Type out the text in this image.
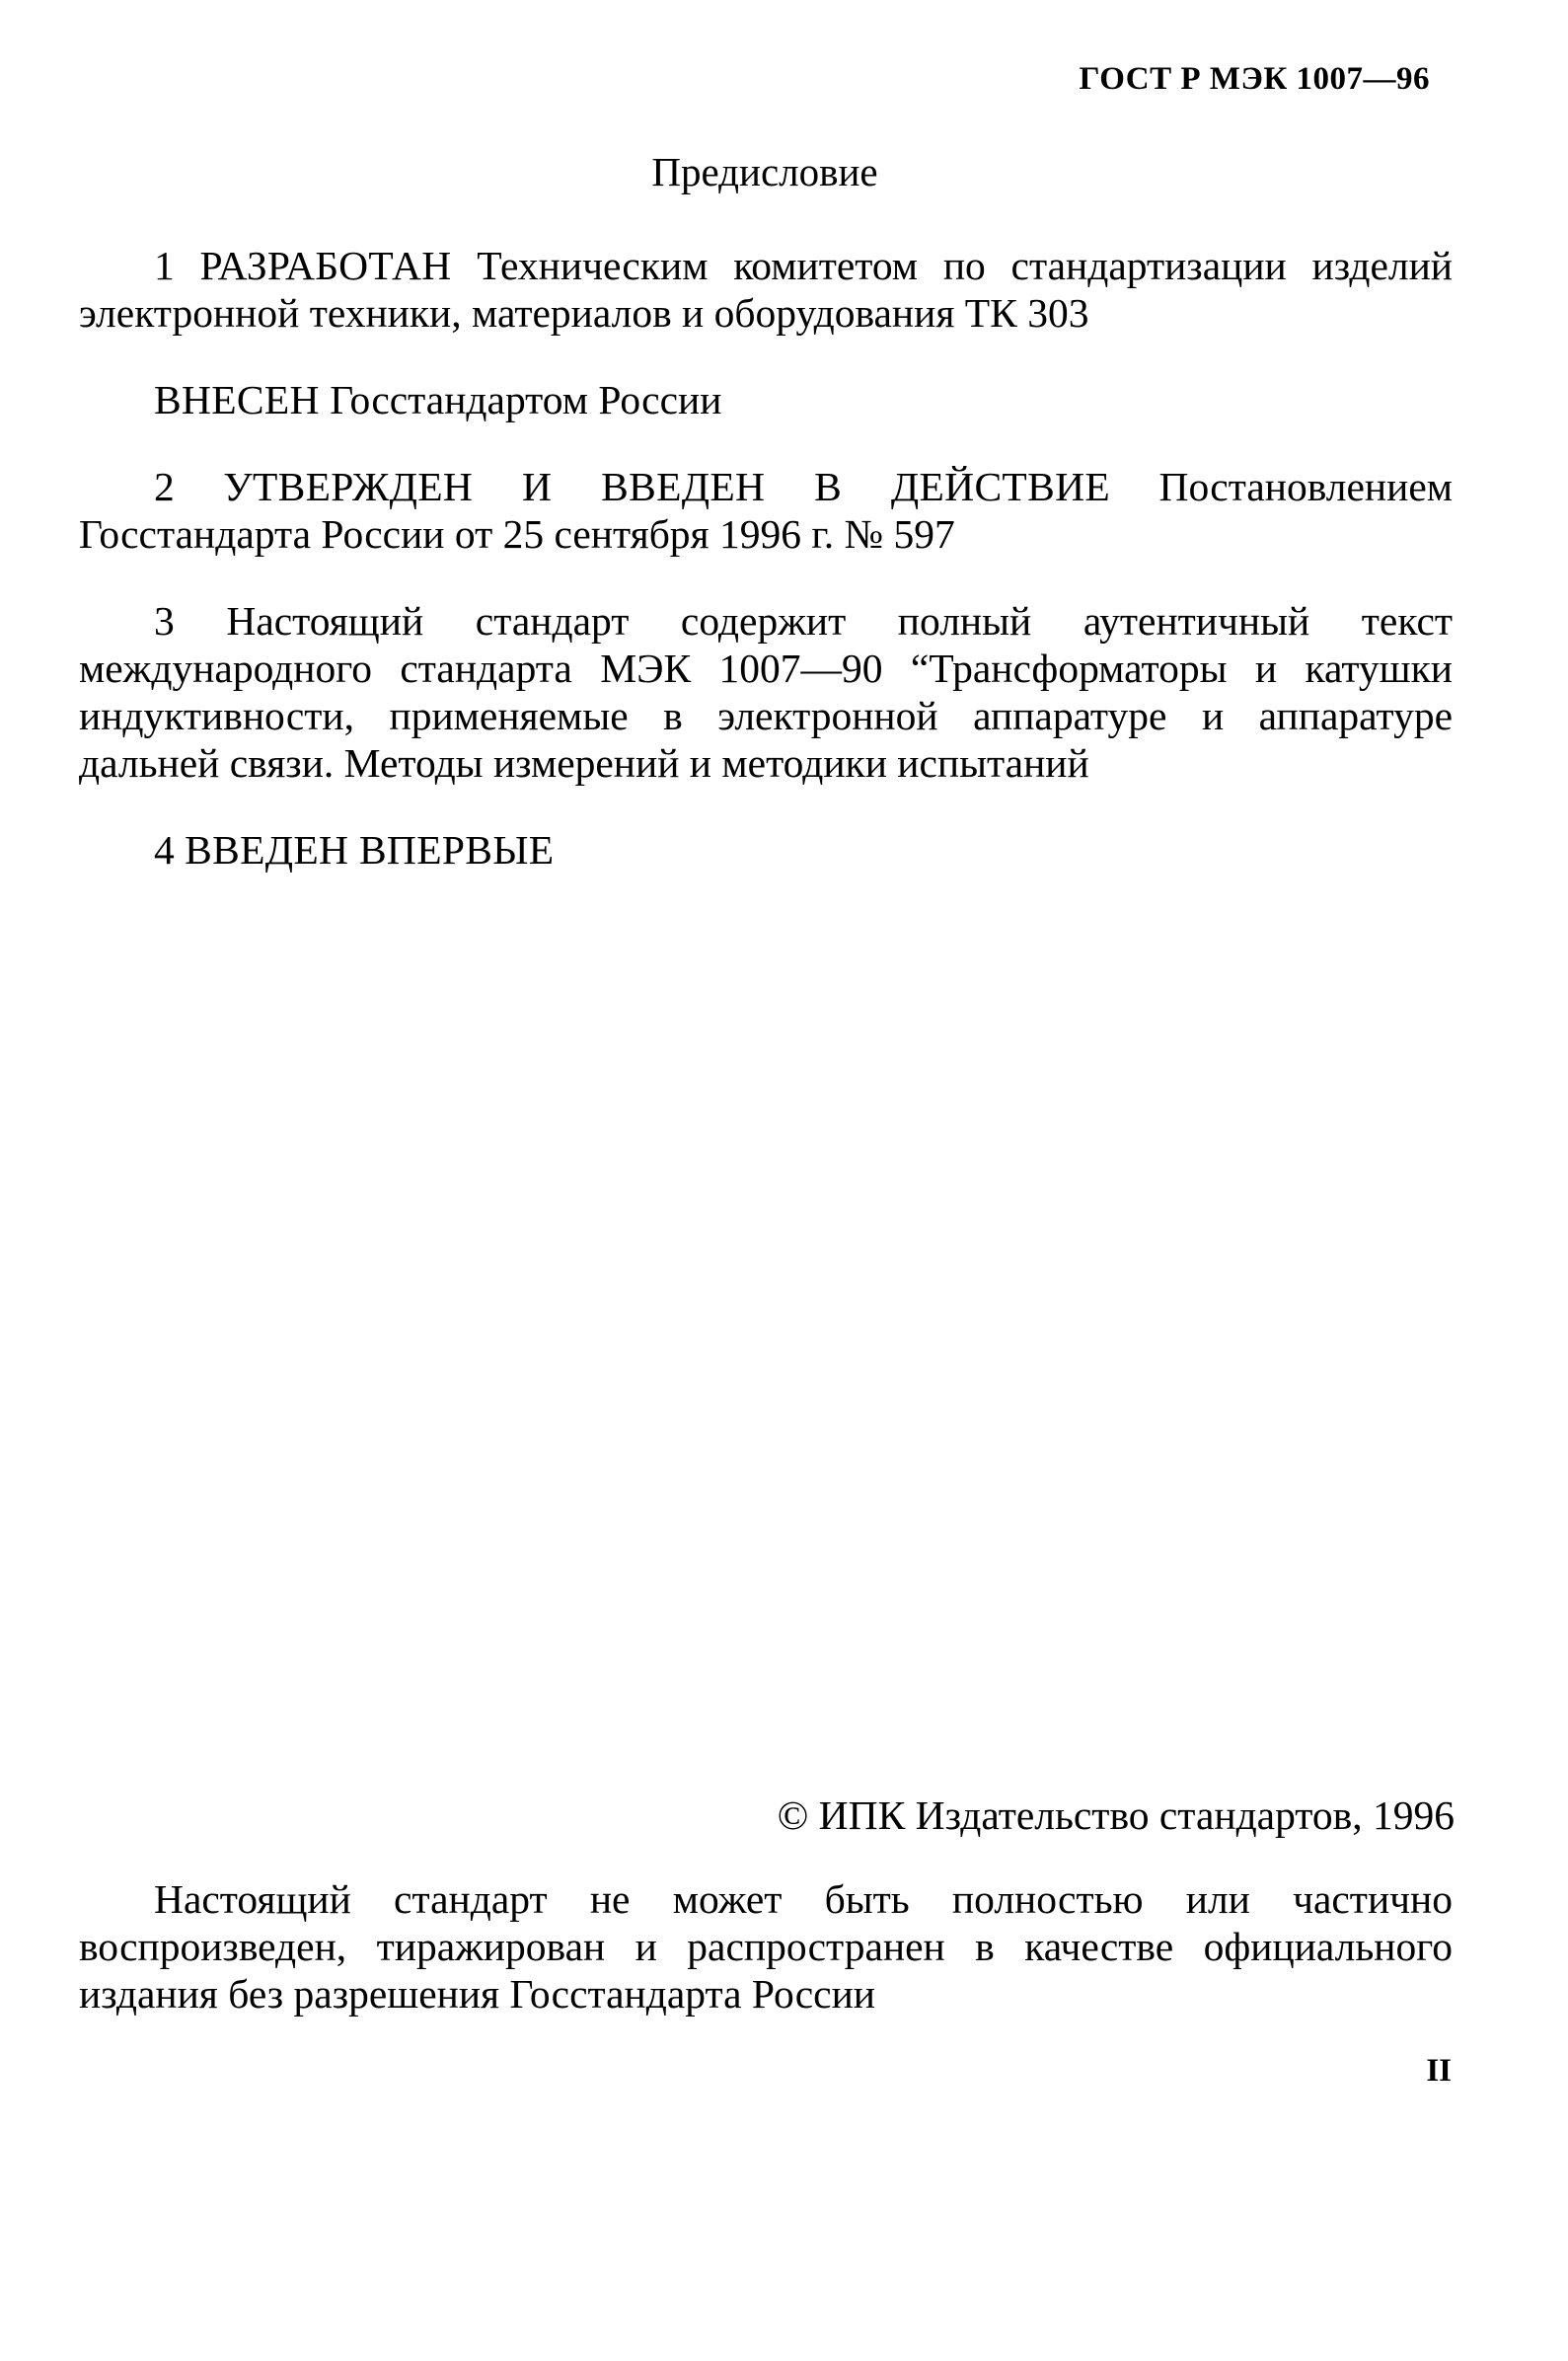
ГОСТ Р МЭК 1007—96
Предисловие

1 РАЗРАБОТАН Техническим комитетом по стандартизации изделий электронной техники, материалов и оборудования ТК 303

ВНЕСЕН Госстандартом России

2 УТВЕРЖДЕН И ВВЕДЕН В ДЕЙСТВИЕ Постановлением Госстандарта России от 25 сентября 1996 г. № 597

3 Настоящий стандарт содержит полный аутентичный текст международного стандарта МЭК 1007—90 “Трансформаторы и катушки индуктивности, применяемые в электронной аппаратуре и аппаратуре дальней связи. Методы измерений и методики испытаний

4 ВВЕДЕН ВПЕРВЫЕ

© ИПК Издательство стандартов, 1996

Настоящий стандарт не может быть полностью или частично воспроизведен, тиражирован и распространен в качестве официального издания без разрешения Госстандарта России

II
